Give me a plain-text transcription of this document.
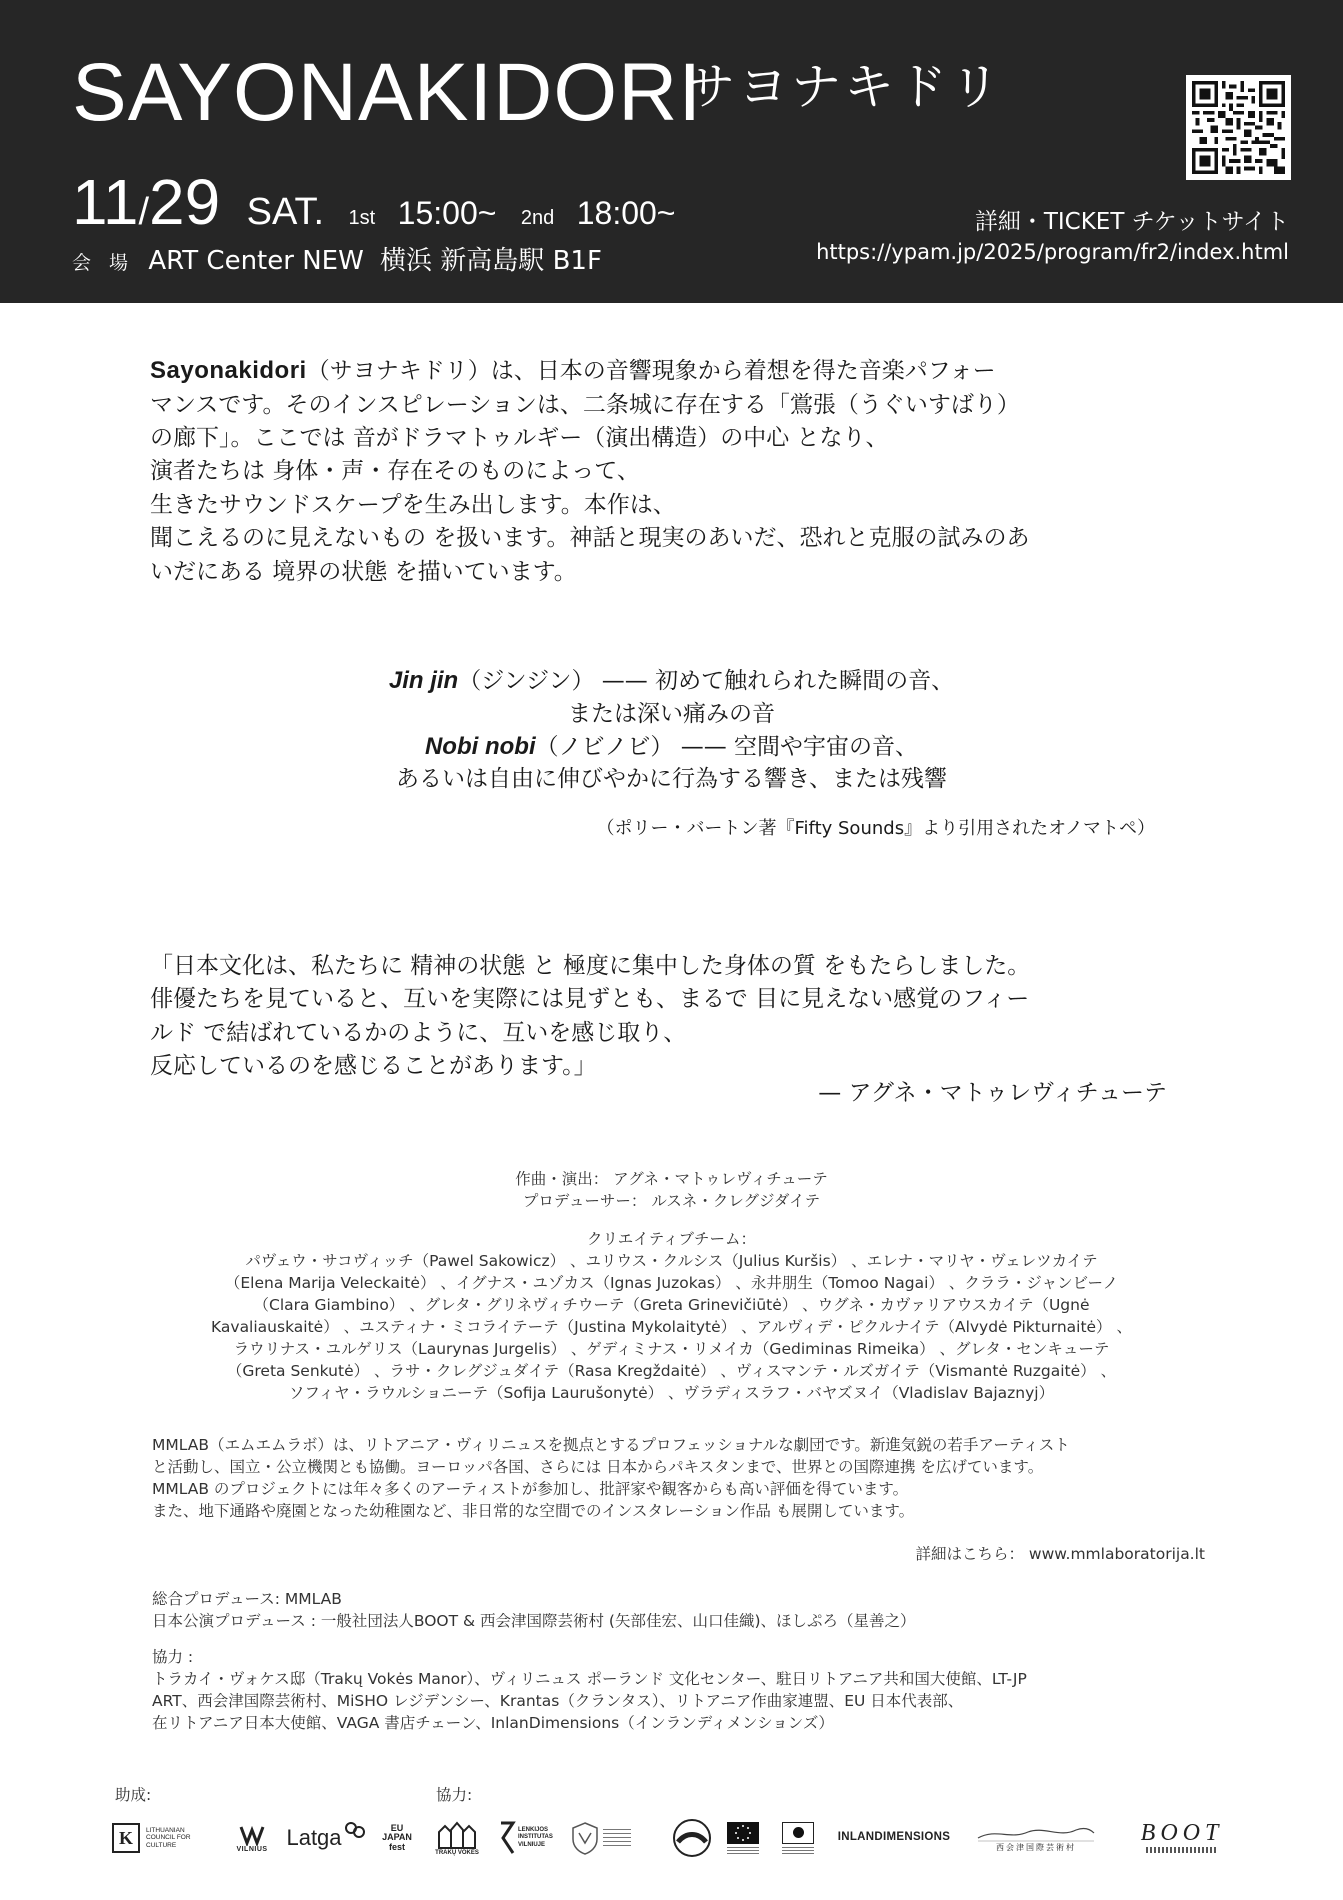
SAYONAKIDORI
サヨナキドリ
11/29 SAT. 1st 15:00~ 2nd 18:00~
会 場 ART Center NEW 横浜 新高島駅 B1F
詳細・TICKET チケットサイト
https://ypam.jp/2025/program/fr2/index.html

Sayonakidori（サヨナキドリ）は、日本の音響現象から着想を得た音楽パフォー

マンスです。そのインスピレーションは、二条城に存在する「鴬張（うぐいすばり）

の廊下」。ここでは 音がドラマトゥルギー（演出構造）の中心 となり、

演者たちは 身体・声・存在そのものによって、

生きたサウンドスケープを生み出します。本作は、

聞こえるのに見えないもの を扱います。神話と現実のあいだ、恐れと克服の試みのあ

いだにある 境界の状態 を描いています。

Jin jin（ジンジン） —— 初めて触れられた瞬間の音、

または深い痛みの音

Nobi nobi（ノビノビ） —— 空間や宇宙の音、

あるいは自由に伸びやかに行為する響き、または残響

（ポリー・バートン著『Fifty Sounds』より引用されたオノマトペ）

「日本文化は、私たちに 精神の状態 と 極度に集中した身体の質 をもたらしました。

俳優たちを見ていると、互いを実際には見ずとも、まるで 目に見えない感覚のフィー

ルド で結ばれているかのように、互いを感じ取り、

反応しているのを感じることがあります。」

— アグネ・マトゥレヴィチューテ

作曲・演出： アグネ・マトゥレヴィチューテ

プロデューサー： ルスネ・クレグジダイテ

クリエイティブチーム：

パヴェウ・サコヴィッチ（Pawel Sakowicz） 、ユリウス・クルシス（Julius Kuršis） 、エレナ・マリヤ・ヴェレツカイテ

（Elena Marija Veleckaitė） 、イグナス・ユゾカス（Ignas Juzokas） 、永井朋生（Tomoo Nagai） 、クララ・ジャンビーノ

（Clara Giambino） 、グレタ・グリネヴィチウーテ（Greta Grinevičiūtė） 、ウグネ・カヴァリアウスカイテ（Ugnė

Kavaliauskaitė） 、ユスティナ・ミコライテーテ（Justina Mykolaitytė） 、アルヴィデ・ピクルナイテ（Alvydė Pikturnaitė） 、

ラウリナス・ユルゲリス（Laurynas Jurgelis） 、ゲディミナス・リメイカ（Gediminas Rimeika） 、グレタ・センキューテ

（Greta Senkutė） 、ラサ・クレグジュダイテ（Rasa Kregždaitė） 、ヴィスマンテ・ルズガイテ（Vismantė Ruzgaitė） 、

ソフィヤ・ラウルショニーテ（Sofija Laurušonytė） 、ヴラディスラフ・バヤズヌイ（Vladislav Bajaznyj）

MMLAB（エムエムラボ）は、リトアニア・ヴィリニュスを拠点とするプロフェッショナルな劇団です。新進気鋭の若手アーティスト

と活動し、国立・公立機関とも協働。ヨーロッパ各国、さらには 日本からパキスタンまで、世界との国際連携 を広げています。

MMLAB のプロジェクトには年々多くのアーティストが参加し、批評家や観客からも高い評価を得ています。

また、地下通路や廃園となった幼稚園など、非日常的な空間でのインスタレーション作品 も展開しています。

詳細はこちら： www.mmlaboratorija.lt

総合プロデュース: MMLAB

日本公演プロデュース : 一般社団法人BOOT & 西会津国際芸術村 (矢部佳宏、山口佳織)、ほしぷろ（星善之）

協力 :

トラカイ・ヴォケス邸（Trakų Vokės Manor）、ヴィリニュス ポーランド 文化センター、駐日リトアニア共和国大使館、LT-JP

ART、西会津国際芸術村、MiSHO レジデンシー、Krantas（クランタス）、リトアニア作曲家連盟、EU 日本代表部、

在リトアニア日本大使館、VAGA 書店チェーン、InlanDimensions（インランディメンションズ）

助成:	協力:
K	LITHUANIAN COUNCIL FOR CULTURE
VILNIUS Latga	EU JAPAN fest
TRAKŲ VOKĖS
LENKIJOS INSTITUTAS VILNIUJE
INLANDIMENSIONS
西会津国際芸術村
BOOT
